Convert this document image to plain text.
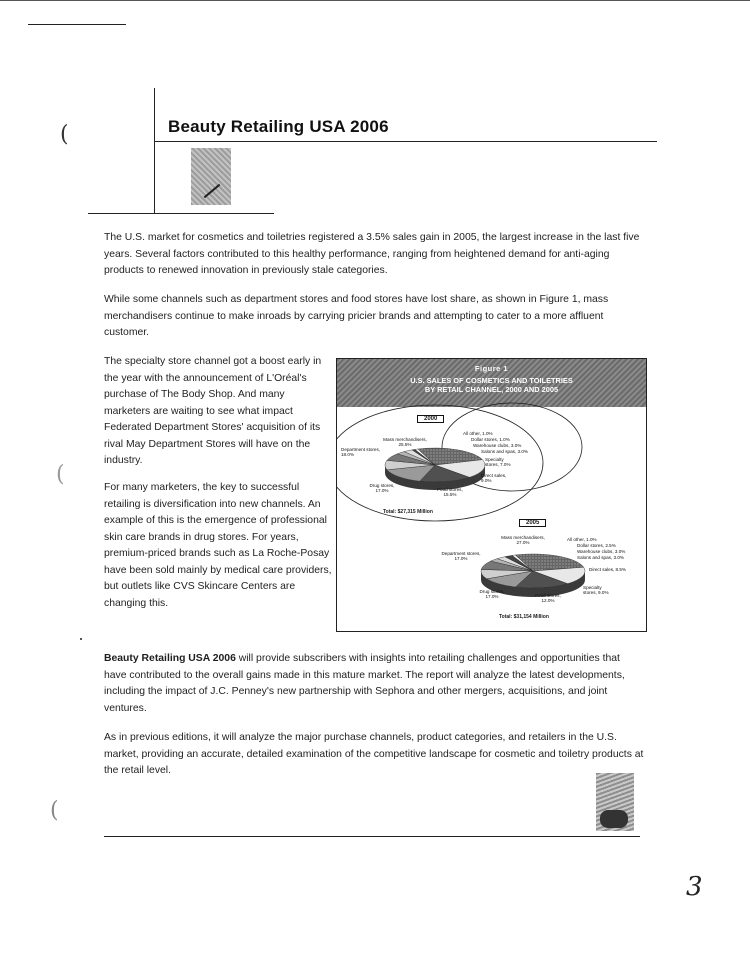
Beauty Retailing USA 2006
(
(
(
The U.S. market for cosmetics and toiletries registered a 3.5% sales gain in 2005, the largest increase in the last five years. Several factors contributed to this healthy performance, ranging from heightened demand for anti-aging products to renewed innovation in previously stale categories.
While some channels such as department stores and food stores have lost share, as shown in Figure 1, mass merchandisers continue to make inroads by carrying pricier brands and attempting to cater to a more affluent customer.
The specialty store channel got a boost early in the year with the announcement of L'Oréal's purchase of The Body Shop. And many marketers are waiting to see what impact Federated Department Stores' acquisition of its rival May Department Stores will have on the industry.
For many marketers, the key to successful retailing is diversification into new channels. An example of this is the emergence of professional skin care brands in drug stores. For years, premium-priced brands such as La Roche-Posay have been sold mainly by medical care providers, but outlets like CVS Skincare Centers are changing this.
Figure 1
U.S. SALES OF COSMETICS AND TOILETRIES
BY RETAIL CHANNEL, 2000 AND 2005
2000
Mass merchandisers, 25.5%
Department stores, 18.0%
Drug stores, 17.0%	Food stores, 15.5%
Direct sales, 9.0%
Specialty stores, 7.0%
Salons and spas, 3.0%
Warehouse clubs, 3.0%
Dollar stores, 1.0%
All other, 1.0%
Total: $27,315 Million
2005
Mass merchandisers, 27.0%
Department stores, 17.0%
Drug stores, 17.0%	Food stores, 12.0%
Specialty stores, 9.0%
Direct sales, 8.5%
Salons and spas, 3.0%
Warehouse clubs, 3.0%
Dollar stores, 2.5%
All other, 1.0%
Total: $31,154 Million
Beauty Retailing USA 2006 will provide subscribers with insights into retailing challenges and opportunities that have contributed to the overall gains made in this mature market. The report will analyze the latest developments, including the impact of J.C. Penney's new partnership with Sephora and other mergers, acquisitions, and joint ventures.
As in previous editions, it will analyze the major purchase channels, product categories, and retailers in the U.S. market, providing an accurate, detailed examination of the competitive landscape for cosmetic and toiletry products at the retail level.
3
